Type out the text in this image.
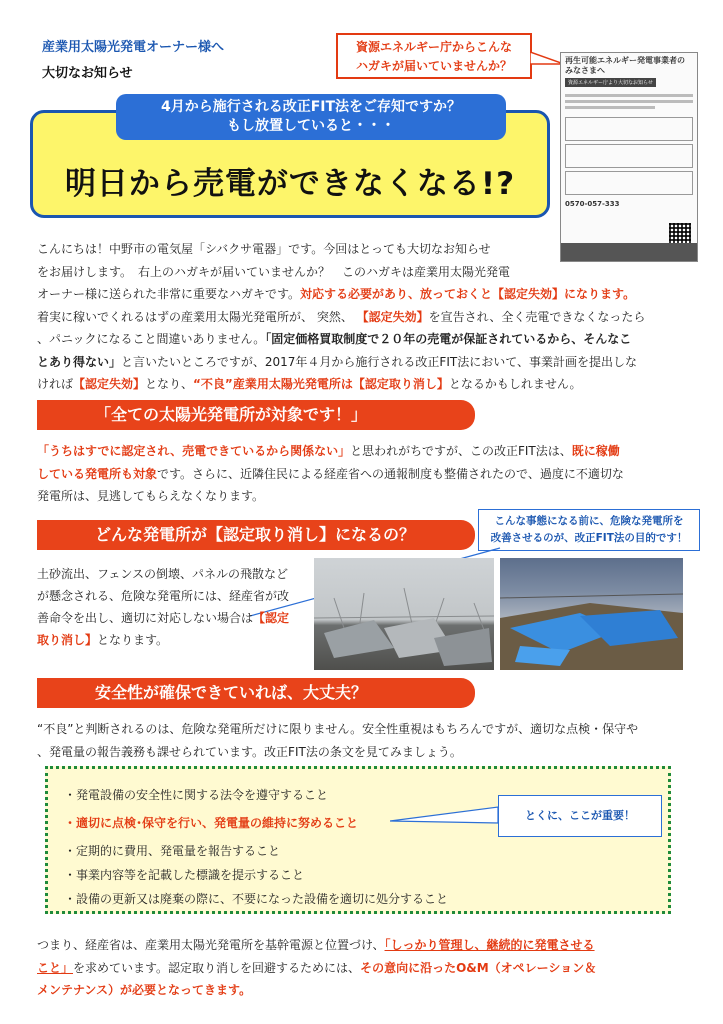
産業用太陽光発電オーナー様へ
大切なお知らせ
資源エネルギー庁からこんな
ハガキが届いていませんか？	再生可能エネルギー発電事業者の
みなさまへ
資源エネルギー庁より大切なお知らせ
0570-057-333
4月から施行される改正FIT法をご存知ですか？
もし放置していると・・・
明日から売電ができなくなる!?
こんにちは！中野市の電気屋「シバクサ電器」です。今回はとっても大切なお知らせ
をお届けします。　右上のハガキが届いていませんか？　このハガキは産業用太陽光発電
オーナー様に送られた非常に重要なハガキです。対応する必要があり、放っておくと【認定失効】になります。
着実に稼いでくれるはずの産業用太陽光発電所が、 突然、 【認定失効】を宣告され、全く売電できなくなったら
、パニックになること間違いありません。「固定価格買取制度で２０年の売電が保証されているから、そんなこ
とあり得ない」と言いたいところですが、2017年４月から施行される改正FIT法において、事業計画を提出しな
ければ【認定失効】となり、“不良”産業用太陽光発電所は【認定取り消し】となるかもしれません。
「全ての太陽光発電所が対象です！」
「うちはすでに認定され、売電できているから関係ない」と思われがちですが、この改正FIT法は、既に稼働
している発電所も対象です。さらに、近隣住民による経産省への通報制度も整備されたので、過度に不適切な
発電所は、見逃してもらえなくなります。
どんな発電所が【認定取り消し】になるの？
こんな事態になる前に、危険な発電所を
改善させるのが、改正FIT法の目的です！
土砂流出、フェンスの倒壊、パネルの飛散など
が懸念される、危険な発電所には、経産省が改
善命令を出し、適切に対応しない場合は【認定
取り消し】となります。
安全性が確保できていれば、大丈夫？
“不良”と判断されるのは、危険な発電所だけに限りません。安全性重視はもちろんですが、適切な点検・保守や
、発電量の報告義務も課せられています。改正FIT法の条文を見てみましょう。
・発電設備の安全性に関する法令を遵守すること
・適切に点検･保守を行い、発電量の維持に努めること
・定期的に費用、発電量を報告すること
・事業内容等を記載した標識を提示すること
・設備の更新又は廃棄の際に、不要になった設備を適切に処分すること
とくに、ここが重要！
つまり、経産省は、産業用太陽光発電所を基幹電源と位置づけ、「しっかり管理し、継続的に発電させる
こと」を求めています。認定取り消しを回避するためには、その意向に沿ったO&M（オペレーション＆
メンテナンス）が必要となってきます。
